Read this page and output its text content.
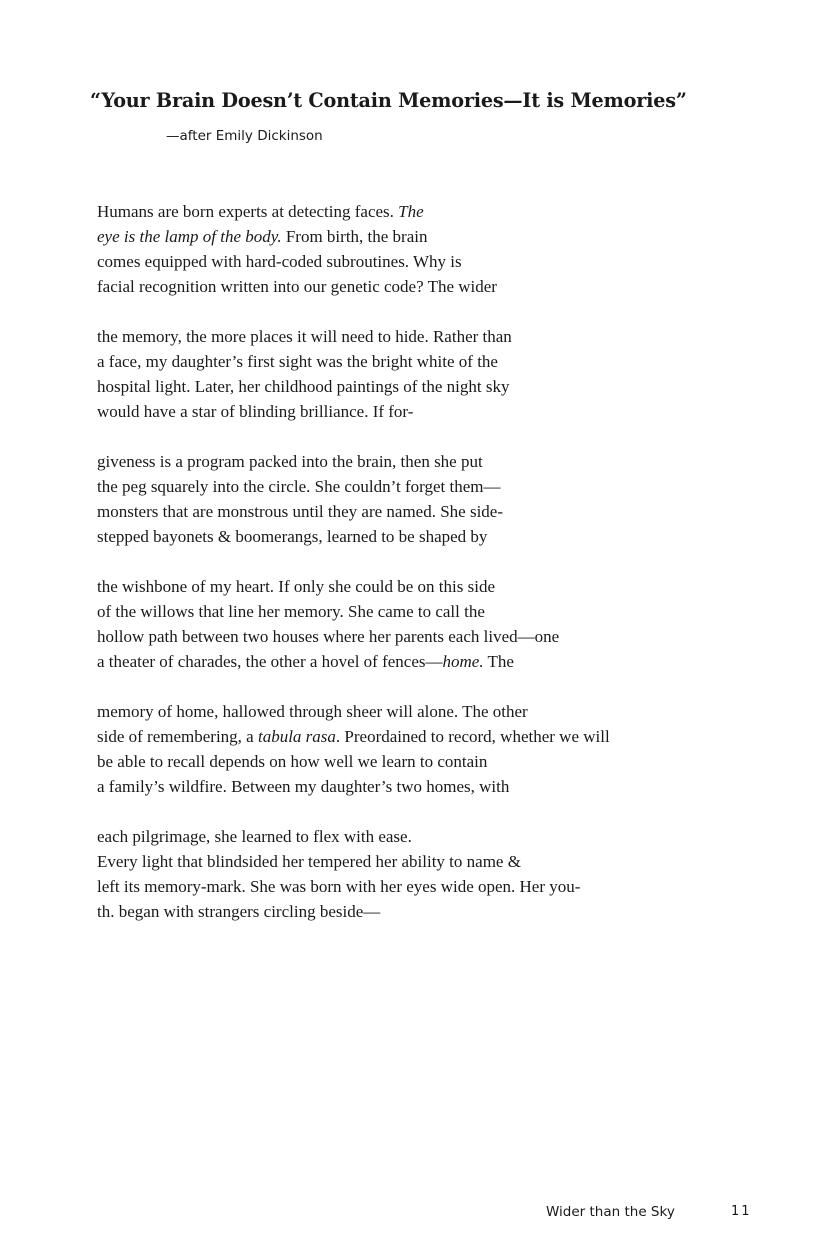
“Your Brain Doesn’t Contain Memories—It is Memories”
—after Emily Dickinson
Humans are born experts at detecting faces. The
eye is the lamp of the body. From birth, the brain
comes equipped with hard-coded subroutines. Why is
facial recognition written into our genetic code? The wider
the memory, the more places it will need to hide. Rather than
a face, my daughter’s first sight was the bright white of the
hospital light. Later, her childhood paintings of the night sky
would have a star of blinding brilliance. If for-
giveness is a program packed into the brain, then she put
the peg squarely into the circle. She couldn’t forget them—
monsters that are monstrous until they are named. She side-
stepped bayonets & boomerangs, learned to be shaped by
the wishbone of my heart. If only she could be on this side
of the willows that line her memory. She came to call the
hollow path between two houses where her parents each lived—one
a theater of charades, the other a hovel of fences—home. The
memory of home, hallowed through sheer will alone. The other
side of remembering, a tabula rasa. Preordained to record, whether we will
be able to recall depends on how well we learn to contain
a family’s wildfire. Between my daughter’s two homes, with
each pilgrimage, she learned to flex with ease.
Every light that blindsided her tempered her ability to name &
left its memory-mark. She was born with her eyes wide open. Her you-
th. began with strangers circling beside—
Wider than the Sky	11
